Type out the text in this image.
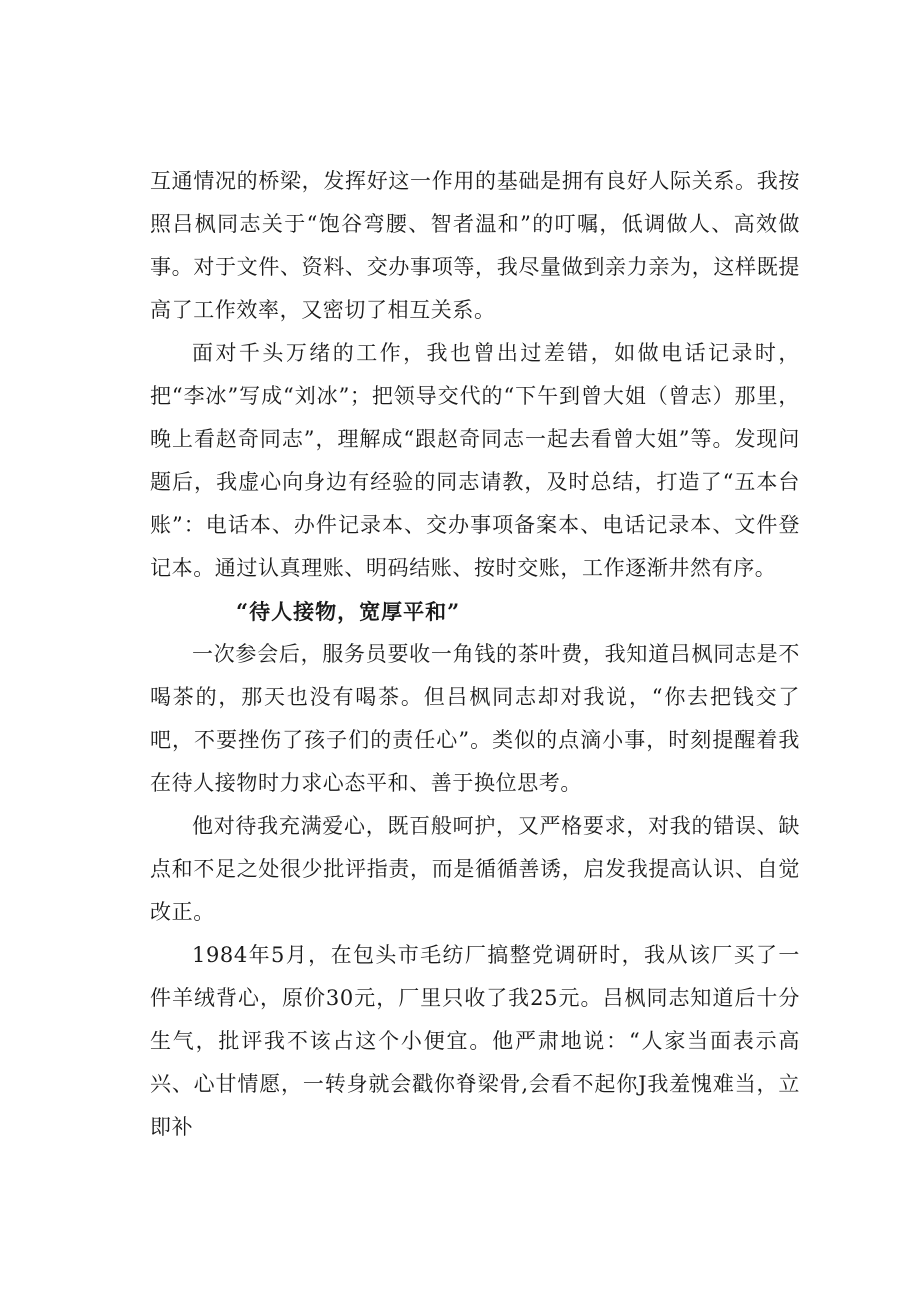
互通情况的桥梁，发挥好这一作用的基础是拥有良好人际关系。我按照吕枫同志关于“饱谷弯腰、智者温和”的叮嘱，低调做人、高效做事。对于文件、资料、交办事项等，我尽量做到亲力亲为，这样既提高了工作效率，又密切了相互关系。

面对千头万绪的工作，我也曾出过差错，如做电话记录时，把“李冰”写成“刘冰”；把领导交代的“下午到曾大姐（曾志）那里，晚上看赵奇同志”，理解成“跟赵奇同志一起去看曾大姐”等。发现问题后，我虚心向身边有经验的同志请教，及时总结，打造了“五本台账”：电话本、办件记录本、交办事项备案本、电话记录本、文件登记本。通过认真理账、明码结账、按时交账，工作逐渐井然有序。

“待人接物，宽厚平和”

一次参会后，服务员要收一角钱的茶叶费，我知道吕枫同志是不喝茶的，那天也没有喝茶。但吕枫同志却对我说，“你去把钱交了吧，不要挫伤了孩子们的责任心”。类似的点滴小事，时刻提醒着我在待人接物时力求心态平和、善于换位思考。

他对待我充满爱心，既百般呵护，又严格要求，对我的错误、缺点和不足之处很少批评指责，而是循循善诱，启发我提高认识、自觉改正。

1984年5月，在包头市毛纺厂搞整党调研时，我从该厂买了一件羊绒背心，原价30元，厂里只收了我25元。吕枫同志知道后十分生气，批评我不该占这个小便宜。他严肃地说：“人家当面表示高兴、心甘情愿，一转身就会戳你脊梁骨,会看不起你J我羞愧难当，立即补
